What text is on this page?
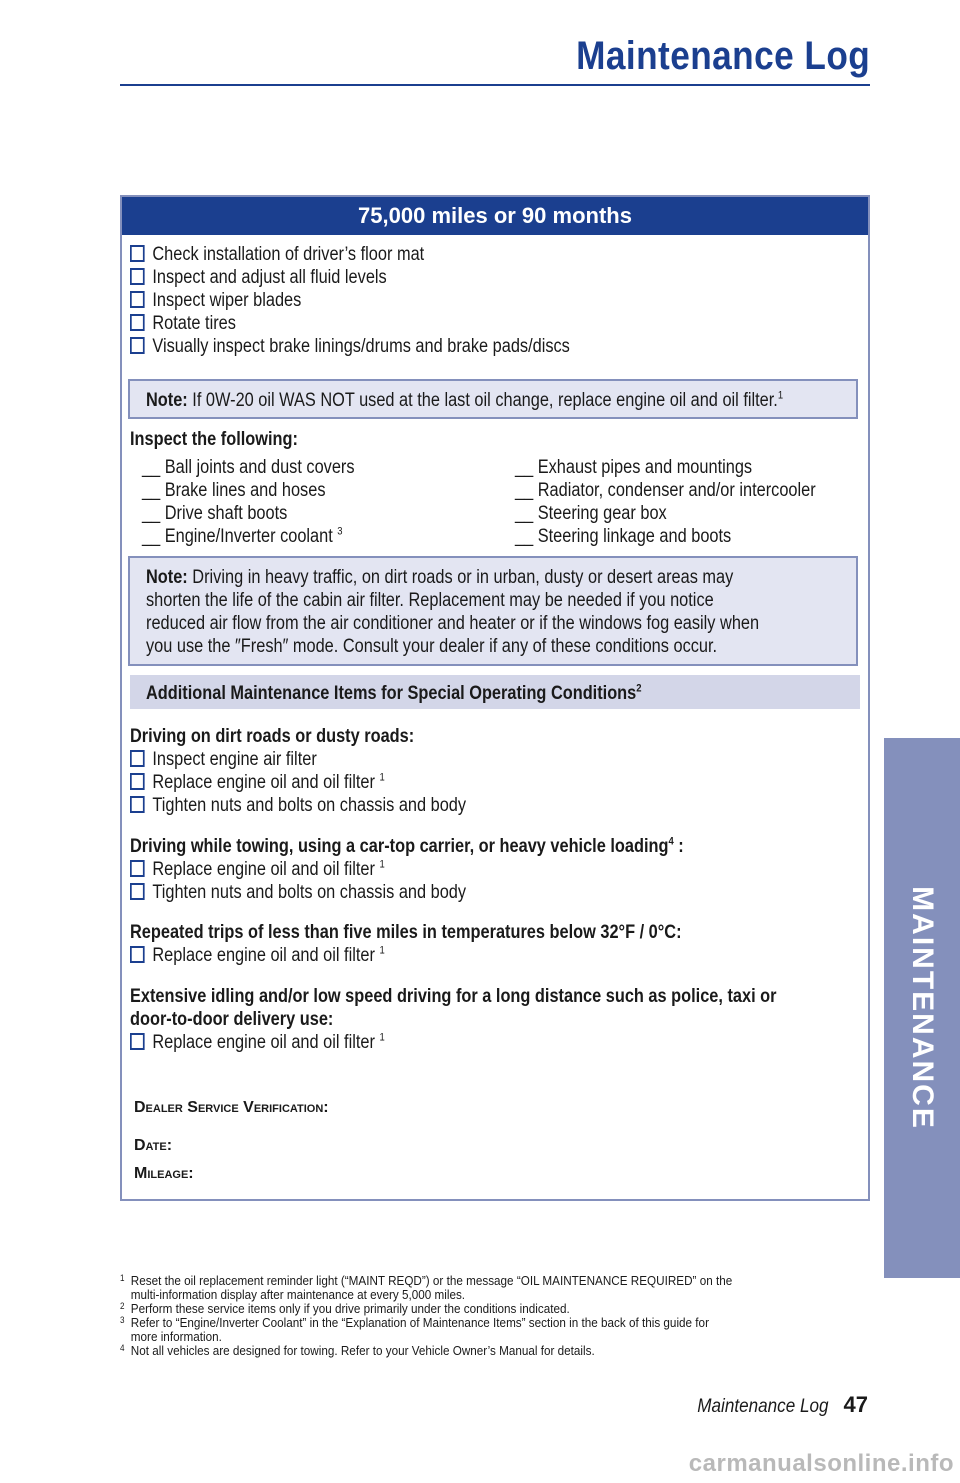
Maintenance Log
MAINTENANCE
75,000 miles or 90 months
Check installation of driver’s floor mat
Inspect and adjust all fluid levels
Inspect wiper blades
Rotate tires
Visually inspect brake linings/drums and brake pads/discs
Note: If 0W-20 oil WAS NOT used at the last oil change, replace engine oil and oil filter.$^1$
Inspect the following:
__ Ball joints and dust covers
__ Brake lines and hoses
__ Drive shaft boots
__ Engine/Inverter coolant $^3$
__ Exhaust pipes and mountings
__ Radiator, condenser and/or intercooler
__ Steering gear box
__ Steering linkage and boots
Note: Driving in heavy traffic, on dirt roads or in urban, dusty or desert areas may
shorten the life of the cabin air filter. Replacement may be needed if you notice
reduced air flow from the air conditioner and heater or if the windows fog easily when
you use the ″Fresh″ mode. Consult your dealer if any of these conditions occur.
Additional Maintenance Items for Special Operating Conditions$^2$
Driving on dirt roads or dusty roads:
Inspect engine air filter
Replace engine oil and oil filter $^1$
Tighten nuts and bolts on chassis and body
Driving while towing, using a car-top carrier, or heavy vehicle loading$^4$ :
Replace engine oil and oil filter $^1$
Tighten nuts and bolts on chassis and body
Repeated trips of less than five miles in temperatures below 32°F / 0°C:
Replace engine oil and oil filter $^1$
Extensive idling and/or low speed driving for a long distance such as police, taxi or
door-to-door delivery use:
Replace engine oil and oil filter $^1$
Dealer Service Verification:
Date:
Mileage:
1 Reset the oil replacement reminder light (“MAINT REQD”) or the message “OIL MAINTENANCE REQUIRED” on the
multi-information display after maintenance at every 5,000 miles.
2 Perform these service items only if you drive primarily under the conditions indicated.
3 Refer to “Engine/Inverter Coolant” in the “Explanation of Maintenance Items” section in the back of this guide for
more information.
4 Not all vehicles are designed for towing. Refer to your Vehicle Owner’s Manual for details.
Maintenance Log 47
carmanualsonline.info
